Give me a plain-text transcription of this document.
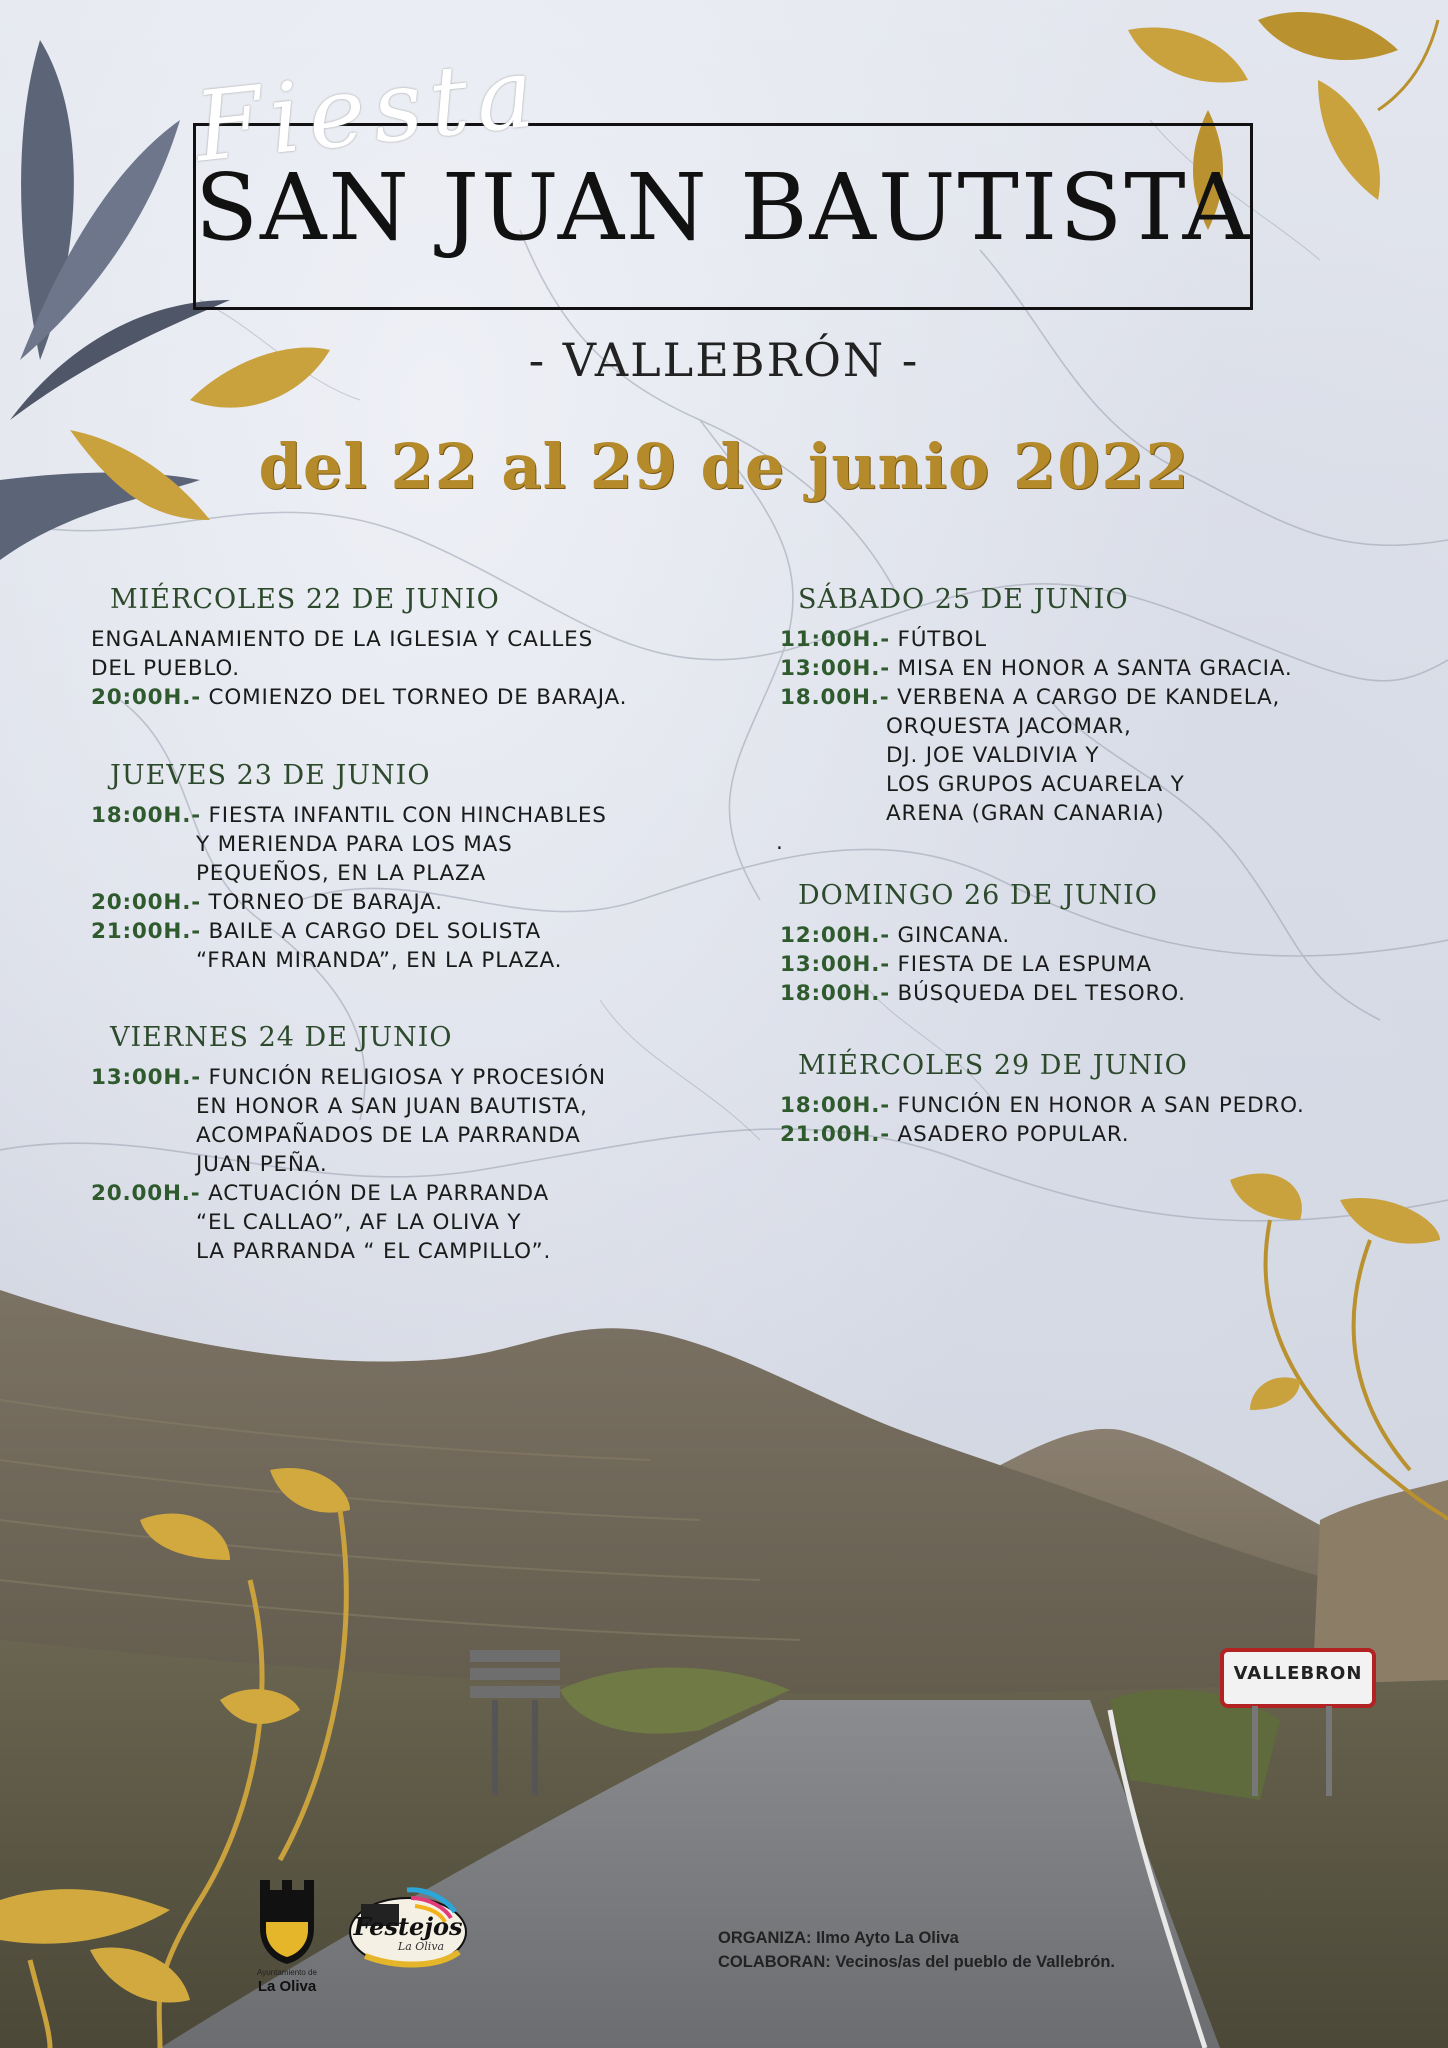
VALLEBRON
Fiesta
SAN JUAN BAUTISTA
- VALLEBRÓN -
del 22 al 29 de junio 2022
MIÉRCOLES 22 DE JUNIO
ENGALANAMIENTO DE LA IGLESIA Y CALLES
DEL PUEBLO.
20:00H.- COMIENZO DEL TORNEO DE BARAJA.
JUEVES 23 DE JUNIO
18:00H.- FIESTA INFANTIL CON HINCHABLES
Y MERIENDA PARA LOS MAS
PEQUEÑOS, EN LA PLAZA
20:00H.- TORNEO DE BARAJA.
21:00H.- BAILE A CARGO DEL SOLISTA
“FRAN MIRANDA”, EN LA PLAZA.
VIERNES 24 DE JUNIO
13:00H.- FUNCIÓN RELIGIOSA Y PROCESIÓN
EN HONOR A SAN JUAN BAUTISTA,
ACOMPAÑADOS DE LA PARRANDA
JUAN PEÑA.
20.00H.- ACTUACIÓN DE LA PARRANDA
“EL CALLAO”, AF LA OLIVA Y
LA PARRANDA “ EL CAMPILLO”.
SÁBADO 25 DE JUNIO
11:00H.- FÚTBOL
13:00H.- MISA EN HONOR A SANTA GRACIA.
18.00H.- VERBENA A CARGO DE KANDELA,
ORQUESTA JACOMAR,
DJ. JOE VALDIVIA Y
LOS GRUPOS ACUARELA Y
ARENA (GRAN CANARIA)
DOMINGO 26 DE JUNIO
12:00H.- GINCANA.
13:00H.- FIESTA DE LA ESPUMA
18:00H.- BÚSQUEDA DEL TESORO.
MIÉRCOLES 29 DE JUNIO
18:00H.- FUNCIÓN EN HONOR A SAN PEDRO.
21:00H.- ASADERO POPULAR.
.
Ayuntamiento de
La Oliva
Festejos
La Oliva	ORGANIZA: Ilmo Ayto La Oliva
COLABORAN: Vecinos/as del pueblo de Vallebrón.
